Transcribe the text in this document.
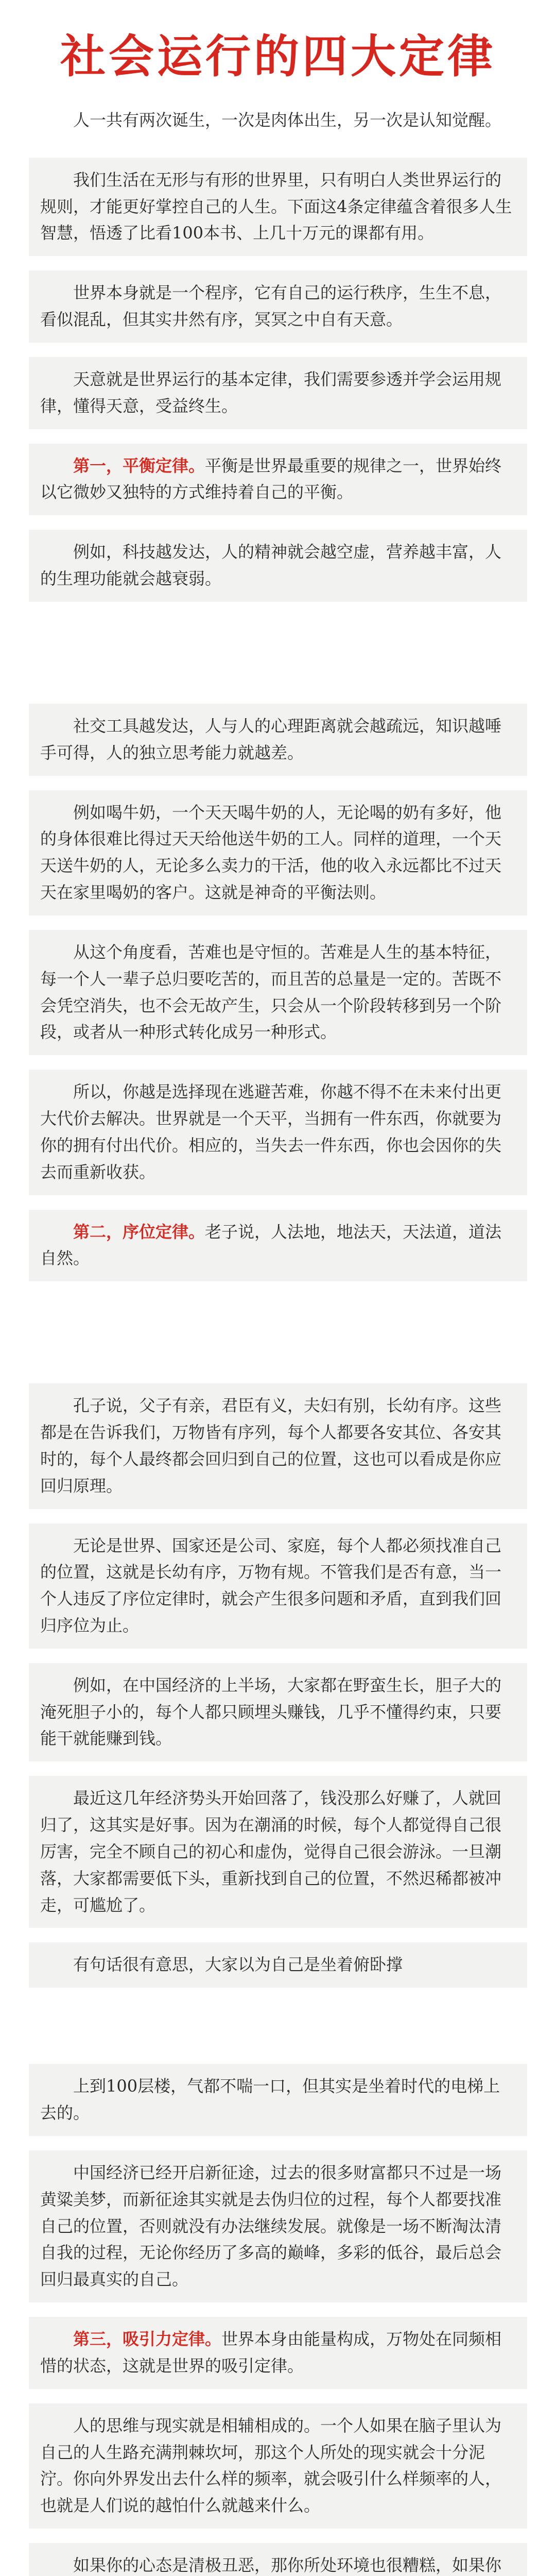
社会运行的四大定律
人一共有两次诞生，一次是肉体出生，另一次是认知觉醒。
我们生活在无形与有形的世界里，只有明白人类世界运行的规则，才能更好掌控自己的人生。下面这4条定律蕴含着很多人生智慧，悟透了比看100本书、上几十万元的课都有用。
世界本身就是一个程序，它有自己的运行秩序，生生不息，看似混乱，但其实井然有序，冥冥之中自有天意。
天意就是世界运行的基本定律，我们需要参透并学会运用规律，懂得天意，受益终生。
第一，平衡定律。平衡是世界最重要的规律之一，世界始终以它微妙又独特的方式维持着自己的平衡。
例如，科技越发达，人的精神就会越空虚，营养越丰富，人的生理功能就会越衰弱。
社交工具越发达，人与人的心理距离就会越疏远，知识越唾手可得，人的独立思考能力就越差。
例如喝牛奶，一个天天喝牛奶的人，无论喝的奶有多好，他的身体很难比得过天天给他送牛奶的工人。同样的道理，一个天天送牛奶的人，无论多么卖力的干活，他的收入永远都比不过天天在家里喝奶的客户。这就是神奇的平衡法则。
从这个角度看，苦难也是守恒的。苦难是人生的基本特征，每一个人一辈子总归要吃苦的，而且苦的总量是一定的。苦既不会凭空消失，也不会无故产生，只会从一个阶段转移到另一个阶段，或者从一种形式转化成另一种形式。
所以，你越是选择现在逃避苦难，你越不得不在未来付出更大代价去解决。世界就是一个天平，当拥有一件东西，你就要为你的拥有付出代价。相应的，当失去一件东西，你也会因你的失去而重新收获。
第二，序位定律。老子说，人法地，地法天，天法道，道法自然。
孔子说，父子有亲，君臣有义，夫妇有别，长幼有序。这些都是在告诉我们，万物皆有序列，每个人都要各安其位、各安其时的，每个人最终都会回归到自己的位置，这也可以看成是你应回归原理。
无论是世界、国家还是公司、家庭，每个人都必须找准自己的位置，这就是长幼有序，万物有规。不管我们是否有意，当一个人违反了序位定律时，就会产生很多问题和矛盾，直到我们回归序位为止。
例如，在中国经济的上半场，大家都在野蛮生长，胆子大的淹死胆子小的，每个人都只顾埋头赚钱，几乎不懂得约束，只要能干就能赚到钱。
最近这几年经济势头开始回落了，钱没那么好赚了，人就回归了，这其实是好事。因为在潮涌的时候，每个人都觉得自己很厉害，完全不顾自己的初心和虚伪，觉得自己很会游泳。一旦潮落，大家都需要低下头，重新找到自己的位置，不然迟稀都被冲走，可尴尬了。
有句话很有意思，大家以为自己是坐着俯卧撑
上到100层楼，气都不喘一口，但其实是坐着时代的电梯上去的。
中国经济已经开启新征途，过去的很多财富都只不过是一场黄粱美梦，而新征途其实就是去伪归位的过程，每个人都要找准自己的位置，否则就没有办法继续发展。就像是一场不断淘汰清自我的过程，无论你经历了多高的巅峰，多彩的低谷，最后总会回归最真实的自己。
第三，吸引力定律。世界本身由能量构成，万物处在同频相惜的状态，这就是世界的吸引定律。
人的思维与现实就是相辅相成的。一个人如果在脑子里认为自己的人生路充满荆棘坎坷，那这个人所处的现实就会十分泥泞。你向外界发出去什么样的频率，就会吸引什么样频率的人，也就是人们说的越怕什么就越来什么。
如果你的心态是清极丑恶，那你所处环境也很糟糕，如果你
